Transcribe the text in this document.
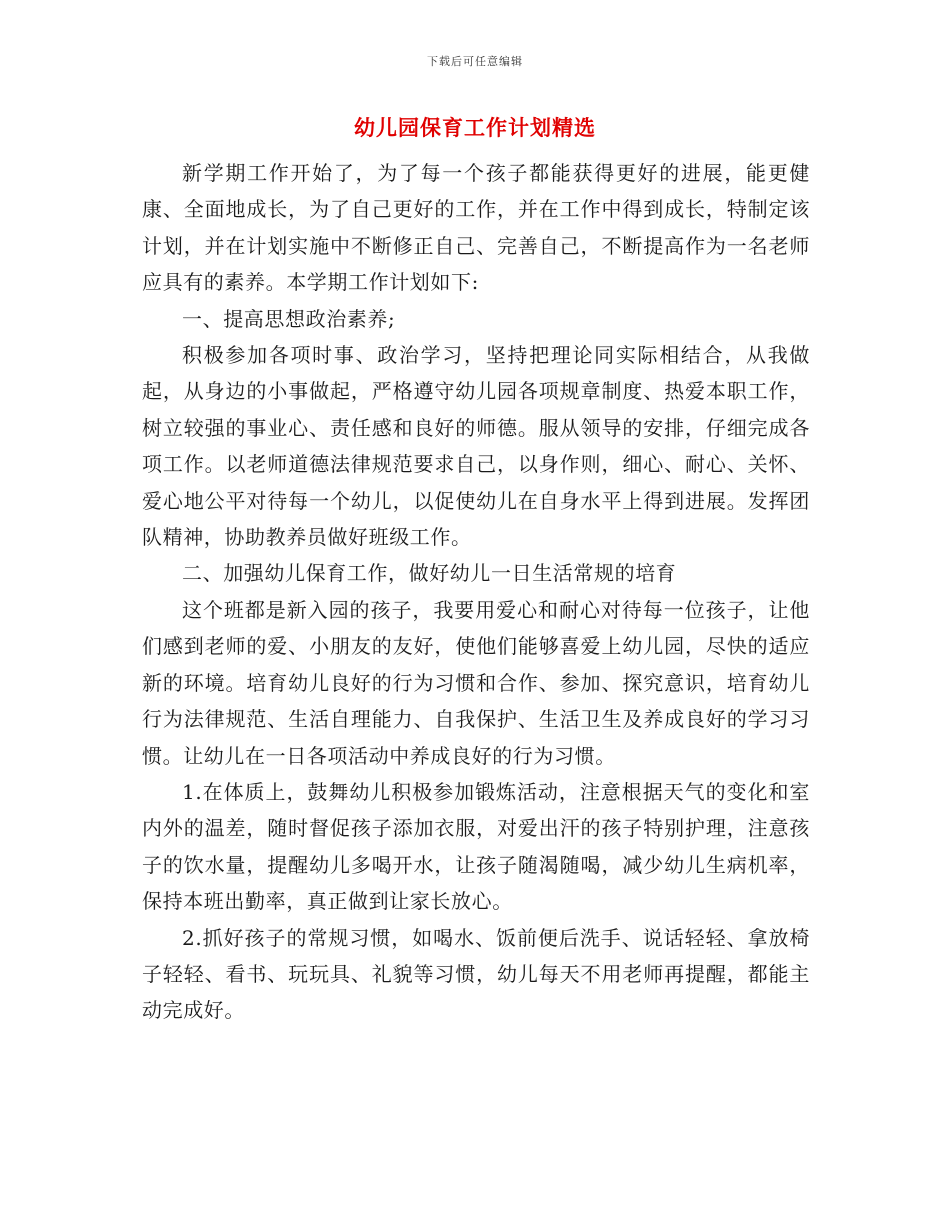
下载后可任意编辑
幼儿园保育工作计划精选

新学期工作开始了，为了每一个孩子都能获得更好的进展，能更健康、全面地成长，为了自己更好的工作，并在工作中得到成长，特制定该计划，并在计划实施中不断修正自己、完善自己，不断提高作为一名老师应具有的素养。本学期工作计划如下:

一、提高思想政治素养;

积极参加各项时事、政治学习，坚持把理论同实际相结合，从我做起，从身边的小事做起，严格遵守幼儿园各项规章制度、热爱本职工作，树立较强的事业心、责任感和良好的师德。服从领导的安排，仔细完成各项工作。以老师道德法律规范要求自己，以身作则，细心、耐心、关怀、爱心地公平对待每一个幼儿，以促使幼儿在自身水平上得到进展。发挥团队精神，协助教养员做好班级工作。

二、加强幼儿保育工作，做好幼儿一日生活常规的培育

这个班都是新入园的孩子，我要用爱心和耐心对待每一位孩子，让他们感到老师的爱、小朋友的友好，使他们能够喜爱上幼儿园，尽快的适应新的环境。培育幼儿良好的行为习惯和合作、参加、探究意识，培育幼儿行为法律规范、生活自理能力、自我保护、生活卫生及养成良好的学习习惯。让幼儿在一日各项活动中养成良好的行为习惯。

1.在体质上，鼓舞幼儿积极参加锻炼活动，注意根据天气的变化和室内外的温差，随时督促孩子添加衣服，对爱出汗的孩子特别护理，注意孩子的饮水量，提醒幼儿多喝开水，让孩子随渴随喝，减少幼儿生病机率，保持本班出勤率，真正做到让家长放心。

2.抓好孩子的常规习惯，如喝水、饭前便后洗手、说话轻轻、拿放椅子轻轻、看书、玩玩具、礼貌等习惯，幼儿每天不用老师再提醒，都能主动完成好。
